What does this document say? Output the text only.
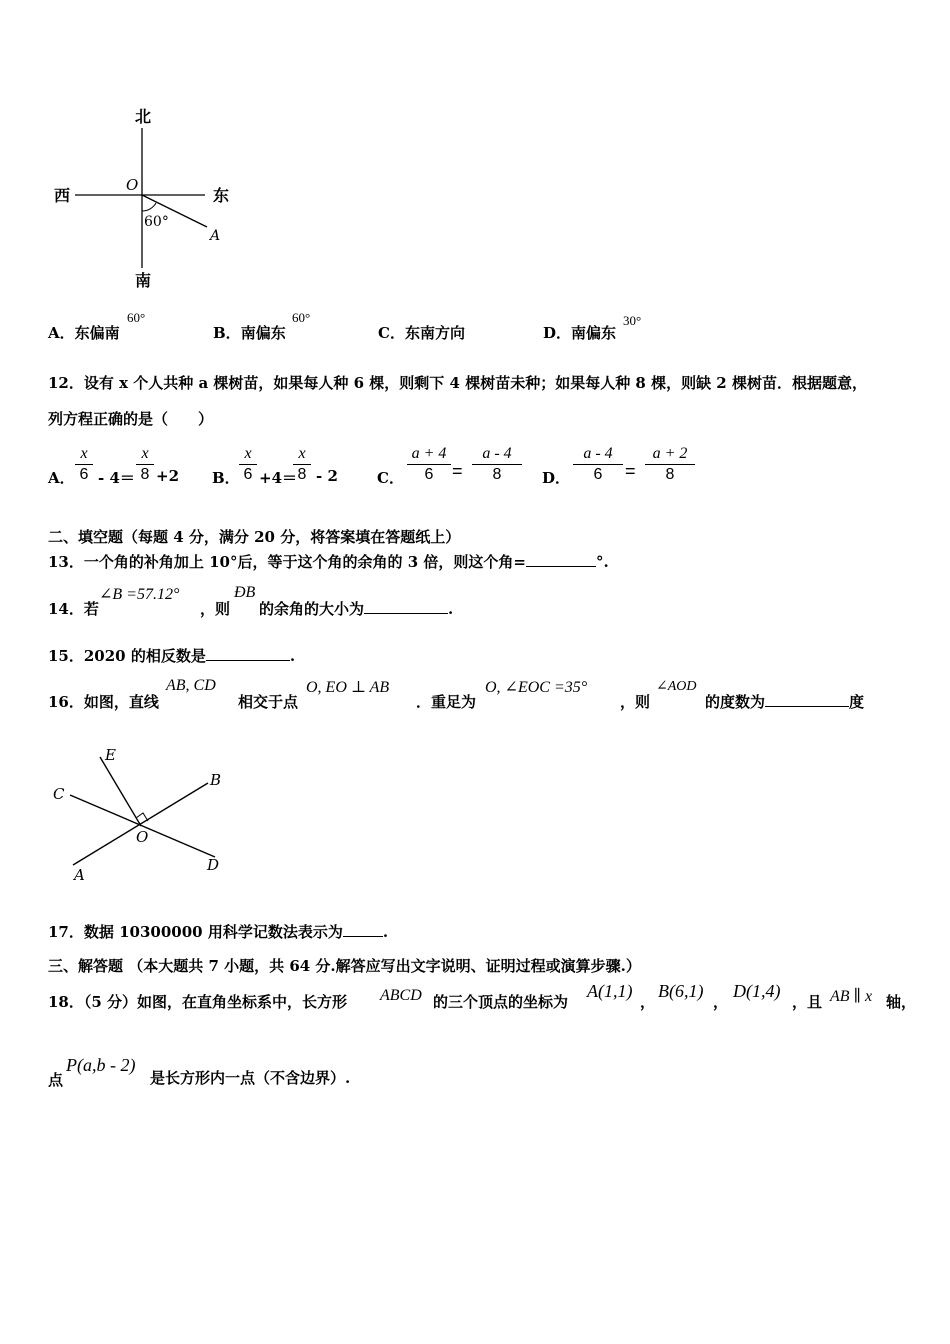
北
南
西	东
O
60°
A
A．东偏南
60°
B．南偏东
60°
C．东南方向	D．南偏东
30°
12．设有 x 个人共种 a 棵树苗，如果每人种 6 棵，则剩下 4 棵树苗未种；如果每人种 8 棵，则缺 2 棵树苗．根据题意，
列方程正确的是（　　）
A．
x
6 - 4＝
x
8 +2 B．
x
6 +4＝
x
8 - 2	C．
a + 4
6	=
a - 4
8	D．
a - 4
6	=
a + 2
8
二、填空题（每题 4 分，满分 20 分，将答案填在答题纸上）
13．一个角的补角加上 10°后，等于这个角的余角的 3 倍，则这个角=	°.
14．若
∠B =57.12°
，则
ÐB
的余角的大小为	.
15．2020 的相反数是	.
16．如图，直线
AB, CD
相交于点
O, EO ⊥ AB
．重足为
O, ∠EOC =35°
，则
∠AOD
的度数为	度
E
C
B
O
A
D
17．数据 10300000 用科学记数法表示为	.
三、解答题 （本大题共 7 小题，共 64 分.解答应写出文字说明、证明过程或演算步骤.）
18．（5 分）如图，在直角坐标系中，长方形 ABCD 的三个顶点的坐标为
A(1,1)
，
B(6,1)
，
D(1,4)
，且 AB ∥ x 轴，
点
P(a,b - 2)
是长方形内一点（不含边界）.
